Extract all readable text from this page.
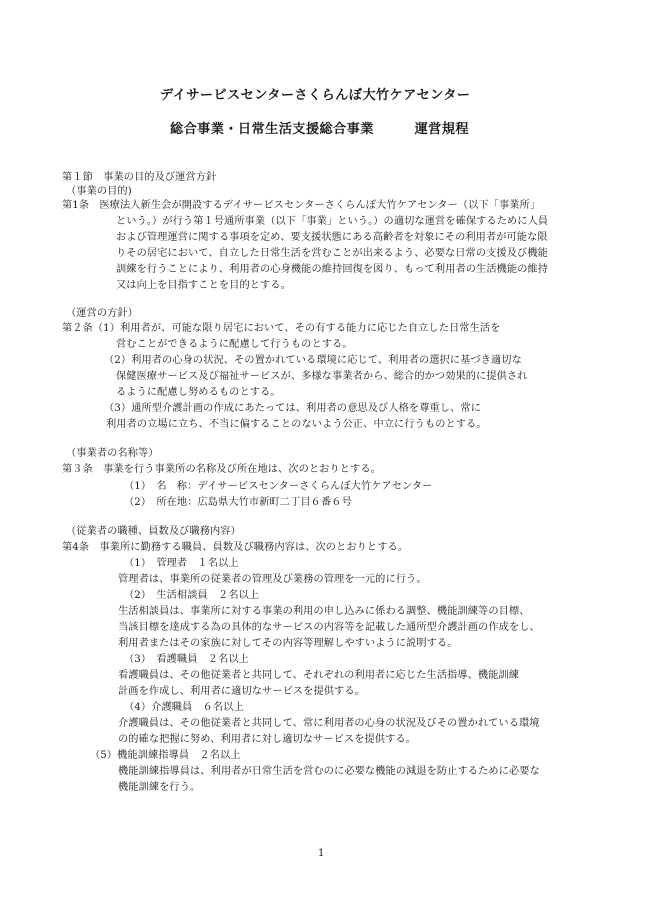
デイサービスセンターさくらんぼ大竹ケアセンター
総合事業・日常生活支援総合事業　　　運営規程
第１節　事業の目的及び運営方針
（事業の目的)
第1条　医療法人新生会が開設するデイサービスセンターさくらんぼ大竹ケアセンター（以下「事業所」
という。）が行う第１号通所事業（以下「事業」という。）の適切な運営を確保するために人員
および管理運営に関する事項を定め、要支援状態にある高齢者を対象にその利用者が可能な限
りその居宅において、自立した日常生活を営むことが出来るよう、必要な日常の支援及び機能
訓練を行うことにより、利用者の心身機能の維持回復を図り、もって利用者の生活機能の維持
又は向上を目指すことを目的とする。
（運営の方針）
第２条（1）利用者が、可能な限り居宅において、その有する能力に応じた自立した日常生活を
営むことができるように配慮して行うものとする。
（2）利用者の心身の状況、その置かれている環境に応じて、利用者の選択に基づき適切な
保健医療サービス及び福祉サービスが、多様な事業者から、総合的かつ効果的に提供され
るように配慮し努めるものとする。
（3）通所型介護計画の作成にあたっては、利用者の意思及び人格を尊重し、常に
利用者の立場に立ち、不当に偏することのないよう公正、中立に行うものとする。
（事業者の名称等）
第３条　事業を行う事業所の名称及び所在地は、次のとおりとする。
（1）　名　称：デイサービスセンターさくらんぼ大竹ケアセンター
（2）　所在地：広島県大竹市新町二丁目６番６号
（従業者の職種、員数及び職務内容）
第4条　事業所に勤務する職員、員数及び職務内容は、次のとおりとする。
（1）　管理者　１名以上
管理者は、事業所の従業者の管理及び業務の管理を一元的に行う。
（2）　生活相談員　２名以上
生活相談員は、事業所に対する事業の利用の申し込みに係わる調整、機能訓練等の目標、
当該目標を達成する為の具体的なサービスの内容等を記載した通所型介護計画の作成をし、
利用者またはその家族に対してその内容等理解しやすいように説明する。
（3）　看護職員　２名以上
看護職員は、その他従業者と共同して、それぞれの利用者に応じた生活指導、機能訓練
計画を作成し、利用者に適切なサービスを提供する。
（4）介護職員　６名以上
介護職員は、その他従業者と共同して、常に利用者の心身の状況及びその置かれている環境
の的確な把握に努め、利用者に対し適切なサービスを提供する。
（5）機能訓練指導員　２名以上
機能訓練指導員は、利用者が日常生活を営むのに必要な機能の減退を防止するために必要な
機能訓練を行う。
1
